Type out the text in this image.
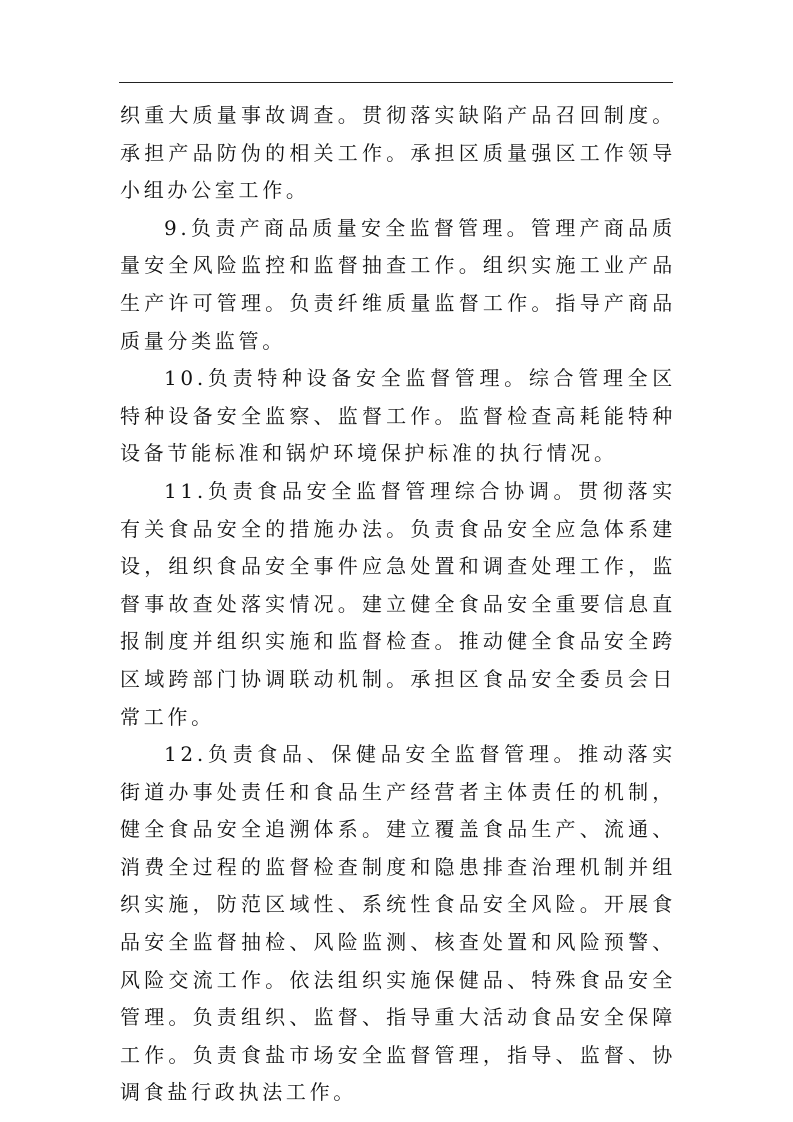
织重大质量事故调查。贯彻落实缺陷产品召回制度。承担产品防伪的相关工作。承担区质量强区工作领导小组办公室工作。

9.负责产商品质量安全监督管理。管理产商品质量安全风险监控和监督抽查工作。组织实施工业产品生产许可管理。负责纤维质量监督工作。指导产商品质量分类监管。

10.负责特种设备安全监督管理。综合管理全区特种设备安全监察、监督工作。监督检查高耗能特种设备节能标准和锅炉环境保护标准的执行情况。

11.负责食品安全监督管理综合协调。贯彻落实有关食品安全的措施办法。负责食品安全应急体系建设，组织食品安全事件应急处置和调查处理工作，监督事故查处落实情况。建立健全食品安全重要信息直报制度并组织实施和监督检查。推动健全食品安全跨区域跨部门协调联动机制。承担区食品安全委员会日常工作。

12.负责食品、保健品安全监督管理。推动落实街道办事处责任和食品生产经营者主体责任的机制，健全食品安全追溯体系。建立覆盖食品生产、流通、消费全过程的监督检查制度和隐患排查治理机制并组织实施，防范区域性、系统性食品安全风险。开展食品安全监督抽检、风险监测、核查处置和风险预警、风险交流工作。依法组织实施保健品、特殊食品安全管理。负责组织、监督、指导重大活动食品安全保障工作。负责食盐市场安全监督管理，指导、监督、协调食盐行政执法工作。
